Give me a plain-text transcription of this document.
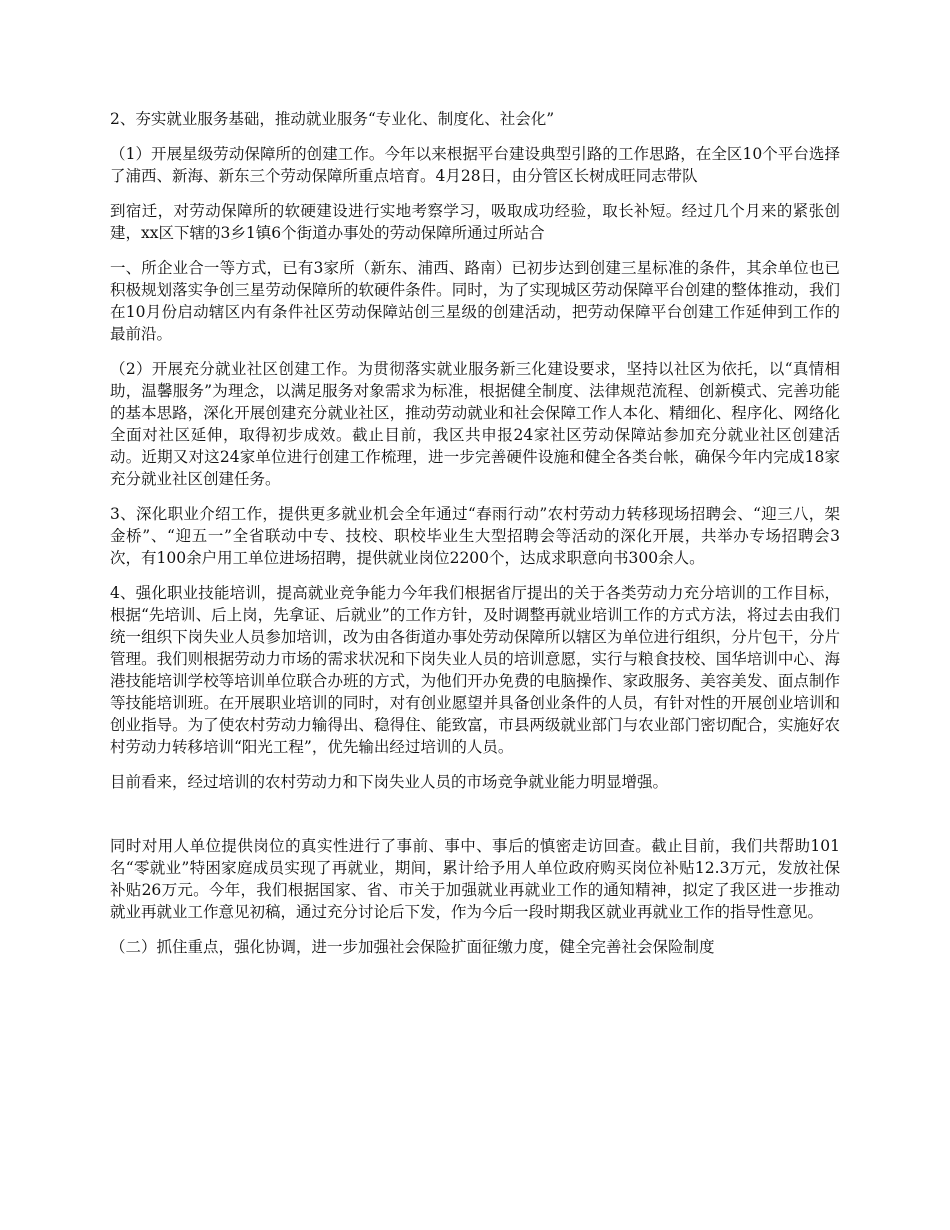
2、夯实就业服务基础，推动就业服务“专业化、制度化、社会化”

（1）开展星级劳动保障所的创建工作。今年以来根据平台建设典型引路的工作思路，在全区10个平台选择了浦西、新海、新东三个劳动保障所重点培育。4月28日，由分管区长树成旺同志带队

到宿迁，对劳动保障所的软硬建设进行实地考察学习，吸取成功经验，取长补短。经过几个月来的紧张创建，xx区下辖的3乡1镇6个街道办事处的劳动保障所通过所站合

一、所企业合一等方式，已有3家所（新东、浦西、路南）已初步达到创建三星标准的条件，其余单位也已积极规划落实争创三星劳动保障所的软硬件条件。同时，为了实现城区劳动保障平台创建的整体推动，我们在10月份启动辖区内有条件社区劳动保障站创三星级的创建活动，把劳动保障平台创建工作延伸到工作的最前沿。

（2）开展充分就业社区创建工作。为贯彻落实就业服务新三化建设要求，坚持以社区为依托，以“真情相助，温馨服务”为理念，以满足服务对象需求为标准，根据健全制度、法律规范流程、创新模式、完善功能的基本思路，深化开展创建充分就业社区，推动劳动就业和社会保障工作人本化、精细化、程序化、网络化全面对社区延伸，取得初步成效。截止目前，我区共申报24家社区劳动保障站参加充分就业社区创建活动。近期又对这24家单位进行创建工作梳理，进一步完善硬件设施和健全各类台帐，确保今年内完成18家充分就业社区创建任务。

3、深化职业介绍工作，提供更多就业机会全年通过“春雨行动”农村劳动力转移现场招聘会、“迎三八，架金桥”、“迎五一”全省联动中专、技校、职校毕业生大型招聘会等活动的深化开展，共举办专场招聘会3次，有100余户用工单位进场招聘，提供就业岗位2200个，达成求职意向书300余人。

4、强化职业技能培训，提高就业竞争能力今年我们根据省厅提出的关于各类劳动力充分培训的工作目标，根据“先培训、后上岗，先拿证、后就业”的工作方针，及时调整再就业培训工作的方式方法，将过去由我们统一组织下岗失业人员参加培训，改为由各街道办事处劳动保障所以辖区为单位进行组织，分片包干，分片管理。我们则根据劳动力市场的需求状况和下岗失业人员的培训意愿，实行与粮食技校、国华培训中心、海港技能培训学校等培训单位联合办班的方式，为他们开办免费的电脑操作、家政服务、美容美发、面点制作等技能培训班。在开展职业培训的同时，对有创业愿望并具备创业条件的人员，有针对性的开展创业培训和创业指导。为了使农村劳动力输得出、稳得住、能致富，市县两级就业部门与农业部门密切配合，实施好农村劳动力转移培训“阳光工程”，优先输出经过培训的人员。

目前看来，经过培训的农村劳动力和下岗失业人员的市场竞争就业能力明显增强。

同时对用人单位提供岗位的真实性进行了事前、事中、事后的慎密走访回查。截止目前，我们共帮助101名“零就业”特困家庭成员实现了再就业，期间，累计给予用人单位政府购买岗位补贴12.3万元，发放社保补贴26万元。今年，我们根据国家、省、市关于加强就业再就业工作的通知精神，拟定了我区进一步推动就业再就业工作意见初稿，通过充分讨论后下发，作为今后一段时期我区就业再就业工作的指导性意见。

（二）抓住重点，强化协调，进一步加强社会保险扩面征缴力度，健全完善社会保险制度
